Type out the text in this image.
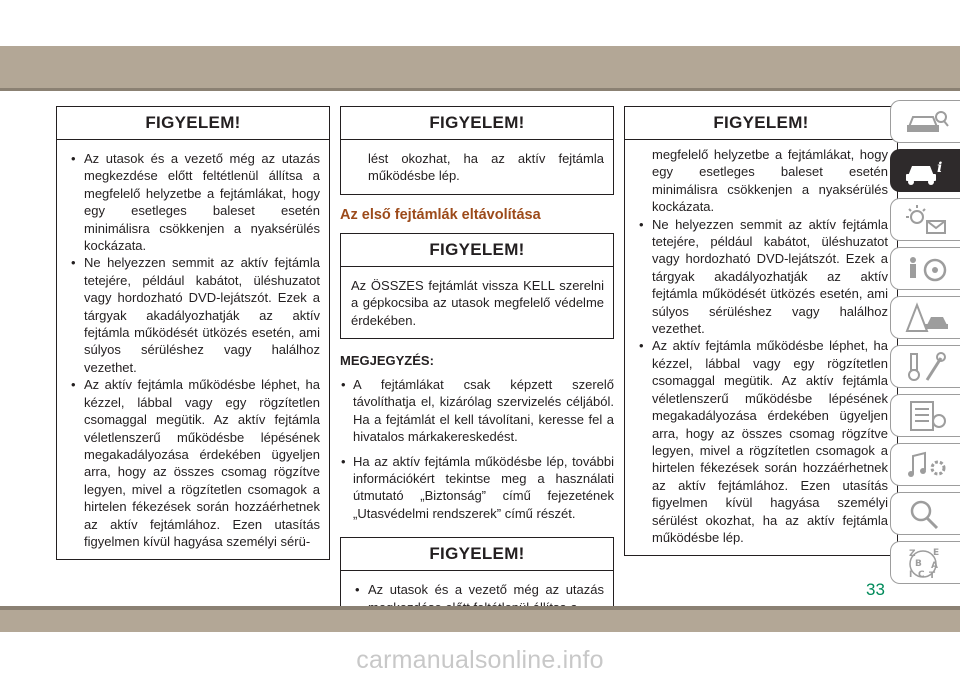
FIGYELEM!
• Az utasok és a vezető még az utazás megkezdése előtt feltétlenül állítsa a megfelelő helyzetbe a fejtámlákat, hogy egy esetleges baleset esetén minimálisra csökkenjen a nyaksérülés kockázata.
• Ne helyezzen semmit az aktív fejtámla tetejére, például kabátot, üléshuzatot vagy hordozható DVD-lejátszót. Ezek a tárgyak akadályozhatják az aktív fejtámla működését ütközés esetén, ami súlyos sérüléshez vagy halálhoz vezethet.
• Az aktív fejtámla működésbe léphet, ha kézzel, lábbal vagy egy rögzítetlen csomaggal megütik. Az aktív fejtámla véletlenszerű működésbe lépésének megakadályozása érdekében ügyeljen arra, hogy az összes csomag rögzítve legyen, mivel a rögzítetlen csomagok a hirtelen fékezések során hozzáérhetnek az aktív fejtámlához. Ezen utasítás figyelmen kívül hagyása személyi sérü-
FIGYELEM!
lést okozhat, ha az aktív fejtámla működésbe lép.
Az első fejtámlák eltávolítása
FIGYELEM!
Az ÖSSZES fejtámlát vissza KELL szerelni a gépkocsiba az utasok megfelelő védelme érdekében.
MEGJEGYZÉS:
• A fejtámlákat csak képzett szerelő távolíthatja el, kizárólag szervizelés céljából. Ha a fejtámlát el kell távolítani, keresse fel a hivatalos márkakereskedést.
• Ha az aktív fejtámla működésbe lép, további információkért tekintse meg a használati útmutató „Biztonság” című fejezetének „Utasvédelmi rendszerek” című részét.
FIGYELEM!
• Az utasok és a vezető még az utazás
FIGYELEM!
megfelelő helyzetbe a fejtámlákat, hogy egy esetleges baleset esetén minimálisra csökkenjen a nyaksérülés kockázata.
• Ne helyezzen semmit az aktív fejtámla tetejére, például kabátot, üléshuzatot vagy hordozható DVD-lejátszót. Ezek a tárgyak akadályozhatják az aktív fejtámla működését ütközés esetén, ami súlyos sérüléshez vagy halálhoz vezethet.
• Az aktív fejtámla működésbe léphet, ha kézzel, lábbal vagy egy rögzítetlen csomaggal megütik. Az aktív fejtámla véletlenszerű működésbe lépésének megakadályozása érdekében ügyeljen arra, hogy az összes csomag rögzítve legyen, mivel a rögzítetlen csomagok a hirtelen fékezések során hozzáérhetnek az aktív fejtámlához. Ezen utasítás figyelmen kívül hagyása személyi sérülést okozhat, ha az aktív fejtámla működésbe lép.
i
Z E
B A
I C T
33
carmanualsonline.info
